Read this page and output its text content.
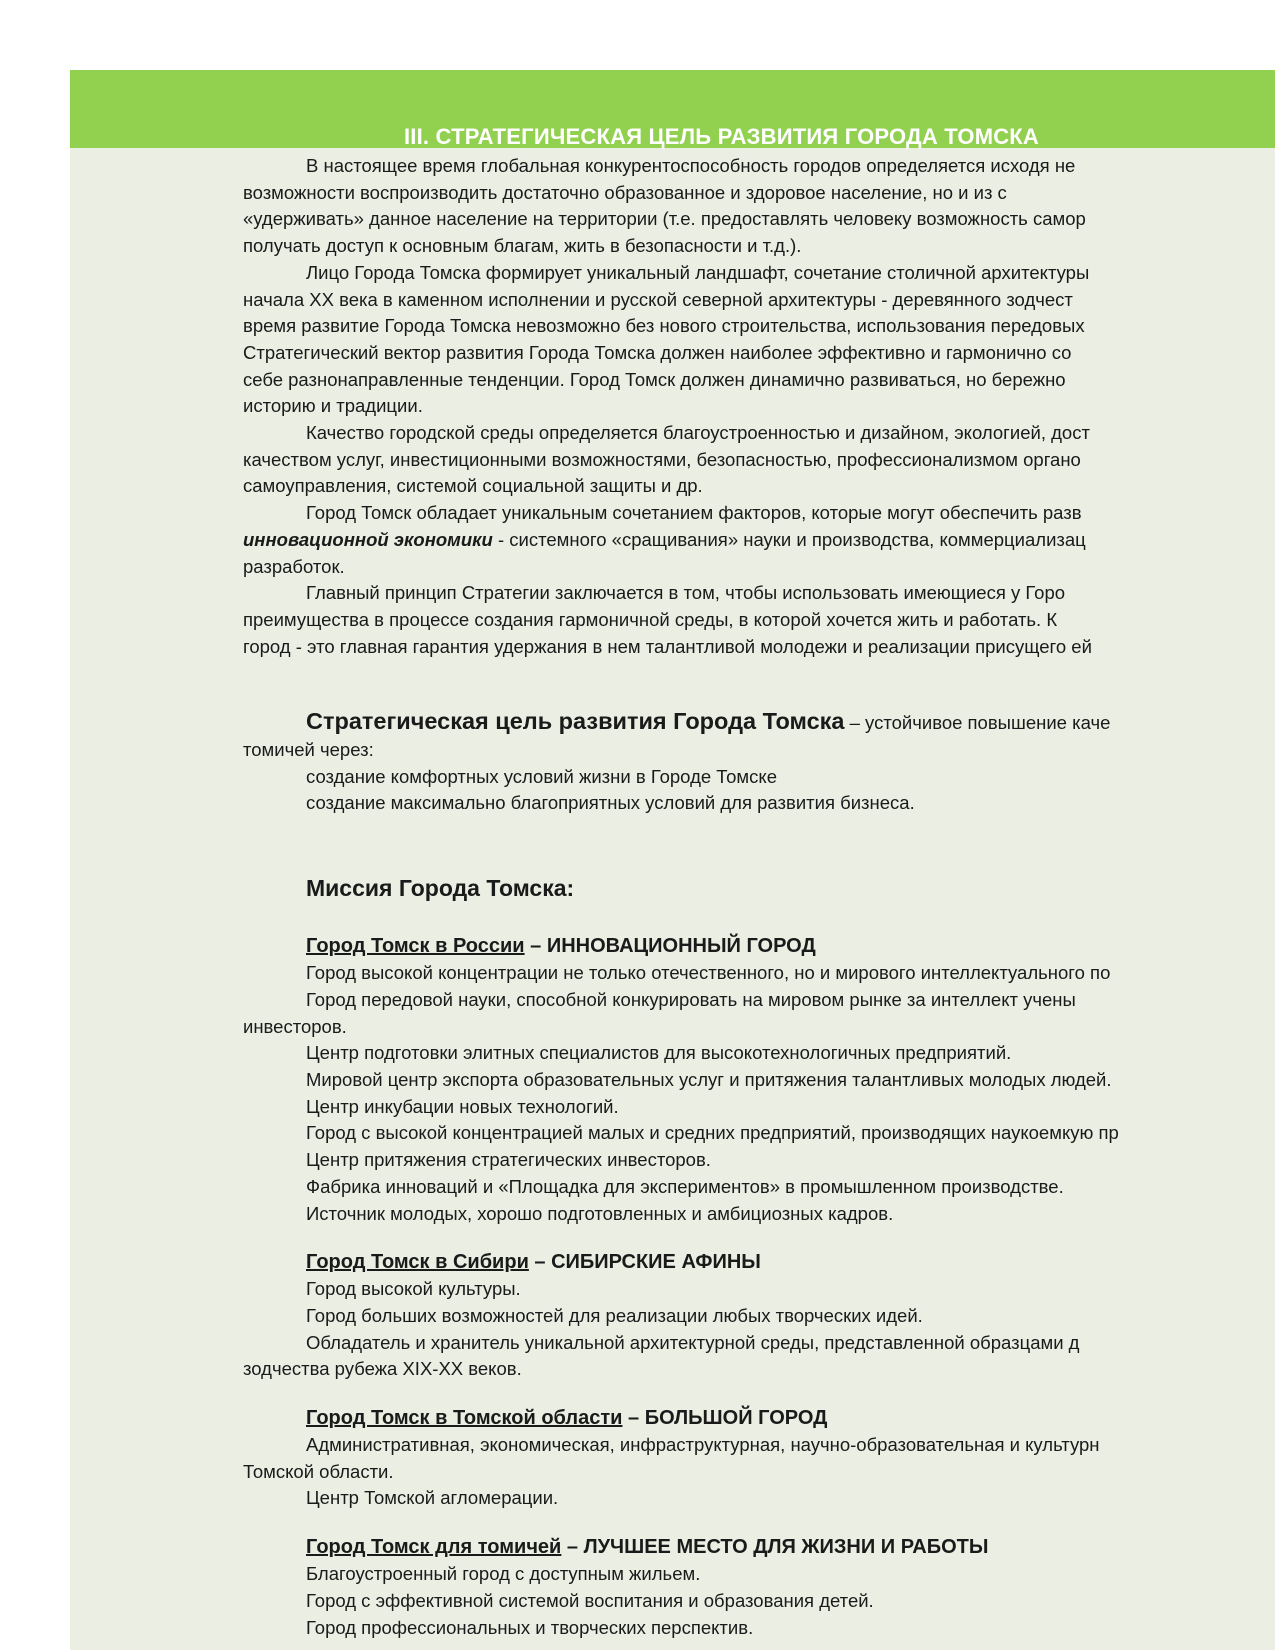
III. СТРАТЕГИЧЕСКАЯ ЦЕЛЬ РАЗВИТИЯ ГОРОДА ТОМСКА
В настоящее время глобальная конкурентоспособность городов определяется исходя не
возможности воспроизводить достаточно образованное и здоровое население, но и из с
«удерживать» данное население на территории (т.е. предоставлять человеку возможность самор
получать доступ к основным благам, жить в безопасности и т.д.).
Лицо Города Томска формирует уникальный ландшафт, сочетание столичной архитектуры
начала XX века в каменном исполнении и русской северной архитектуры - деревянного зодчест
время развитие Города Томска невозможно без нового строительства, использования передовых
Стратегический вектор развития Города Томска должен наиболее эффективно и гармонично со
себе разнонаправленные тенденции. Город Томск должен динамично развиваться, но бережно
историю и традиции.
Качество городской среды определяется благоустроенностью и дизайном, экологией, дост
качеством услуг, инвестиционными возможностями, безопасностью, профессионализмом органо
самоуправления, системой социальной защиты и др.
Город Томск обладает уникальным сочетанием факторов, которые могут обеспечить разв
инновационной экономики - системного «сращивания» науки и производства, коммерциализац
разработок.
Главный принцип Стратегии заключается в том, чтобы использовать имеющиеся у Горо
преимущества в процессе создания гармоничной среды, в которой хочется жить и работать. К
город - это главная гарантия удержания в нем талантливой молодежи и реализации присущего ей
Стратегическая цель развития Города Томска – устойчивое повышение каче
томичей через:
создание комфортных условий жизни в Городе Томске
создание максимально благоприятных условий для развития бизнеса.
Миссия Города Томска:
Город Томск в России – ИННОВАЦИОННЫЙ ГОРОД
Город высокой концентрации не только отечественного, но и мирового интеллектуального по
Город передовой науки, способной конкурировать на мировом рынке за интеллект учены
инвесторов.
Центр подготовки элитных специалистов для высокотехнологичных предприятий.
Мировой центр экспорта образовательных услуг и притяжения талантливых молодых людей.
Центр инкубации новых технологий.
Город с высокой концентрацией малых и средних предприятий, производящих наукоемкую пр
Центр притяжения стратегических инвесторов.
Фабрика инноваций и «Площадка для экспериментов» в промышленном производстве.
Источник молодых, хорошо подготовленных и амбициозных кадров.
Город Томск в Сибири – СИБИРСКИЕ АФИНЫ
Город высокой культуры.
Город больших возможностей для реализации любых творческих идей.
Обладатель и хранитель уникальной архитектурной среды, представленной образцами д
зодчества рубежа XIX-XX веков.
Город Томск в Томской области – БОЛЬШОЙ ГОРОД
Административная, экономическая, инфраструктурная, научно-образовательная и культурн
Томской области.
Центр Томской агломерации.
Город Томск для томичей – ЛУЧШЕЕ МЕСТО ДЛЯ ЖИЗНИ И РАБОТЫ
Благоустроенный город с доступным жильем.
Город с эффективной системой воспитания и образования детей.
Город профессиональных и творческих перспектив.
